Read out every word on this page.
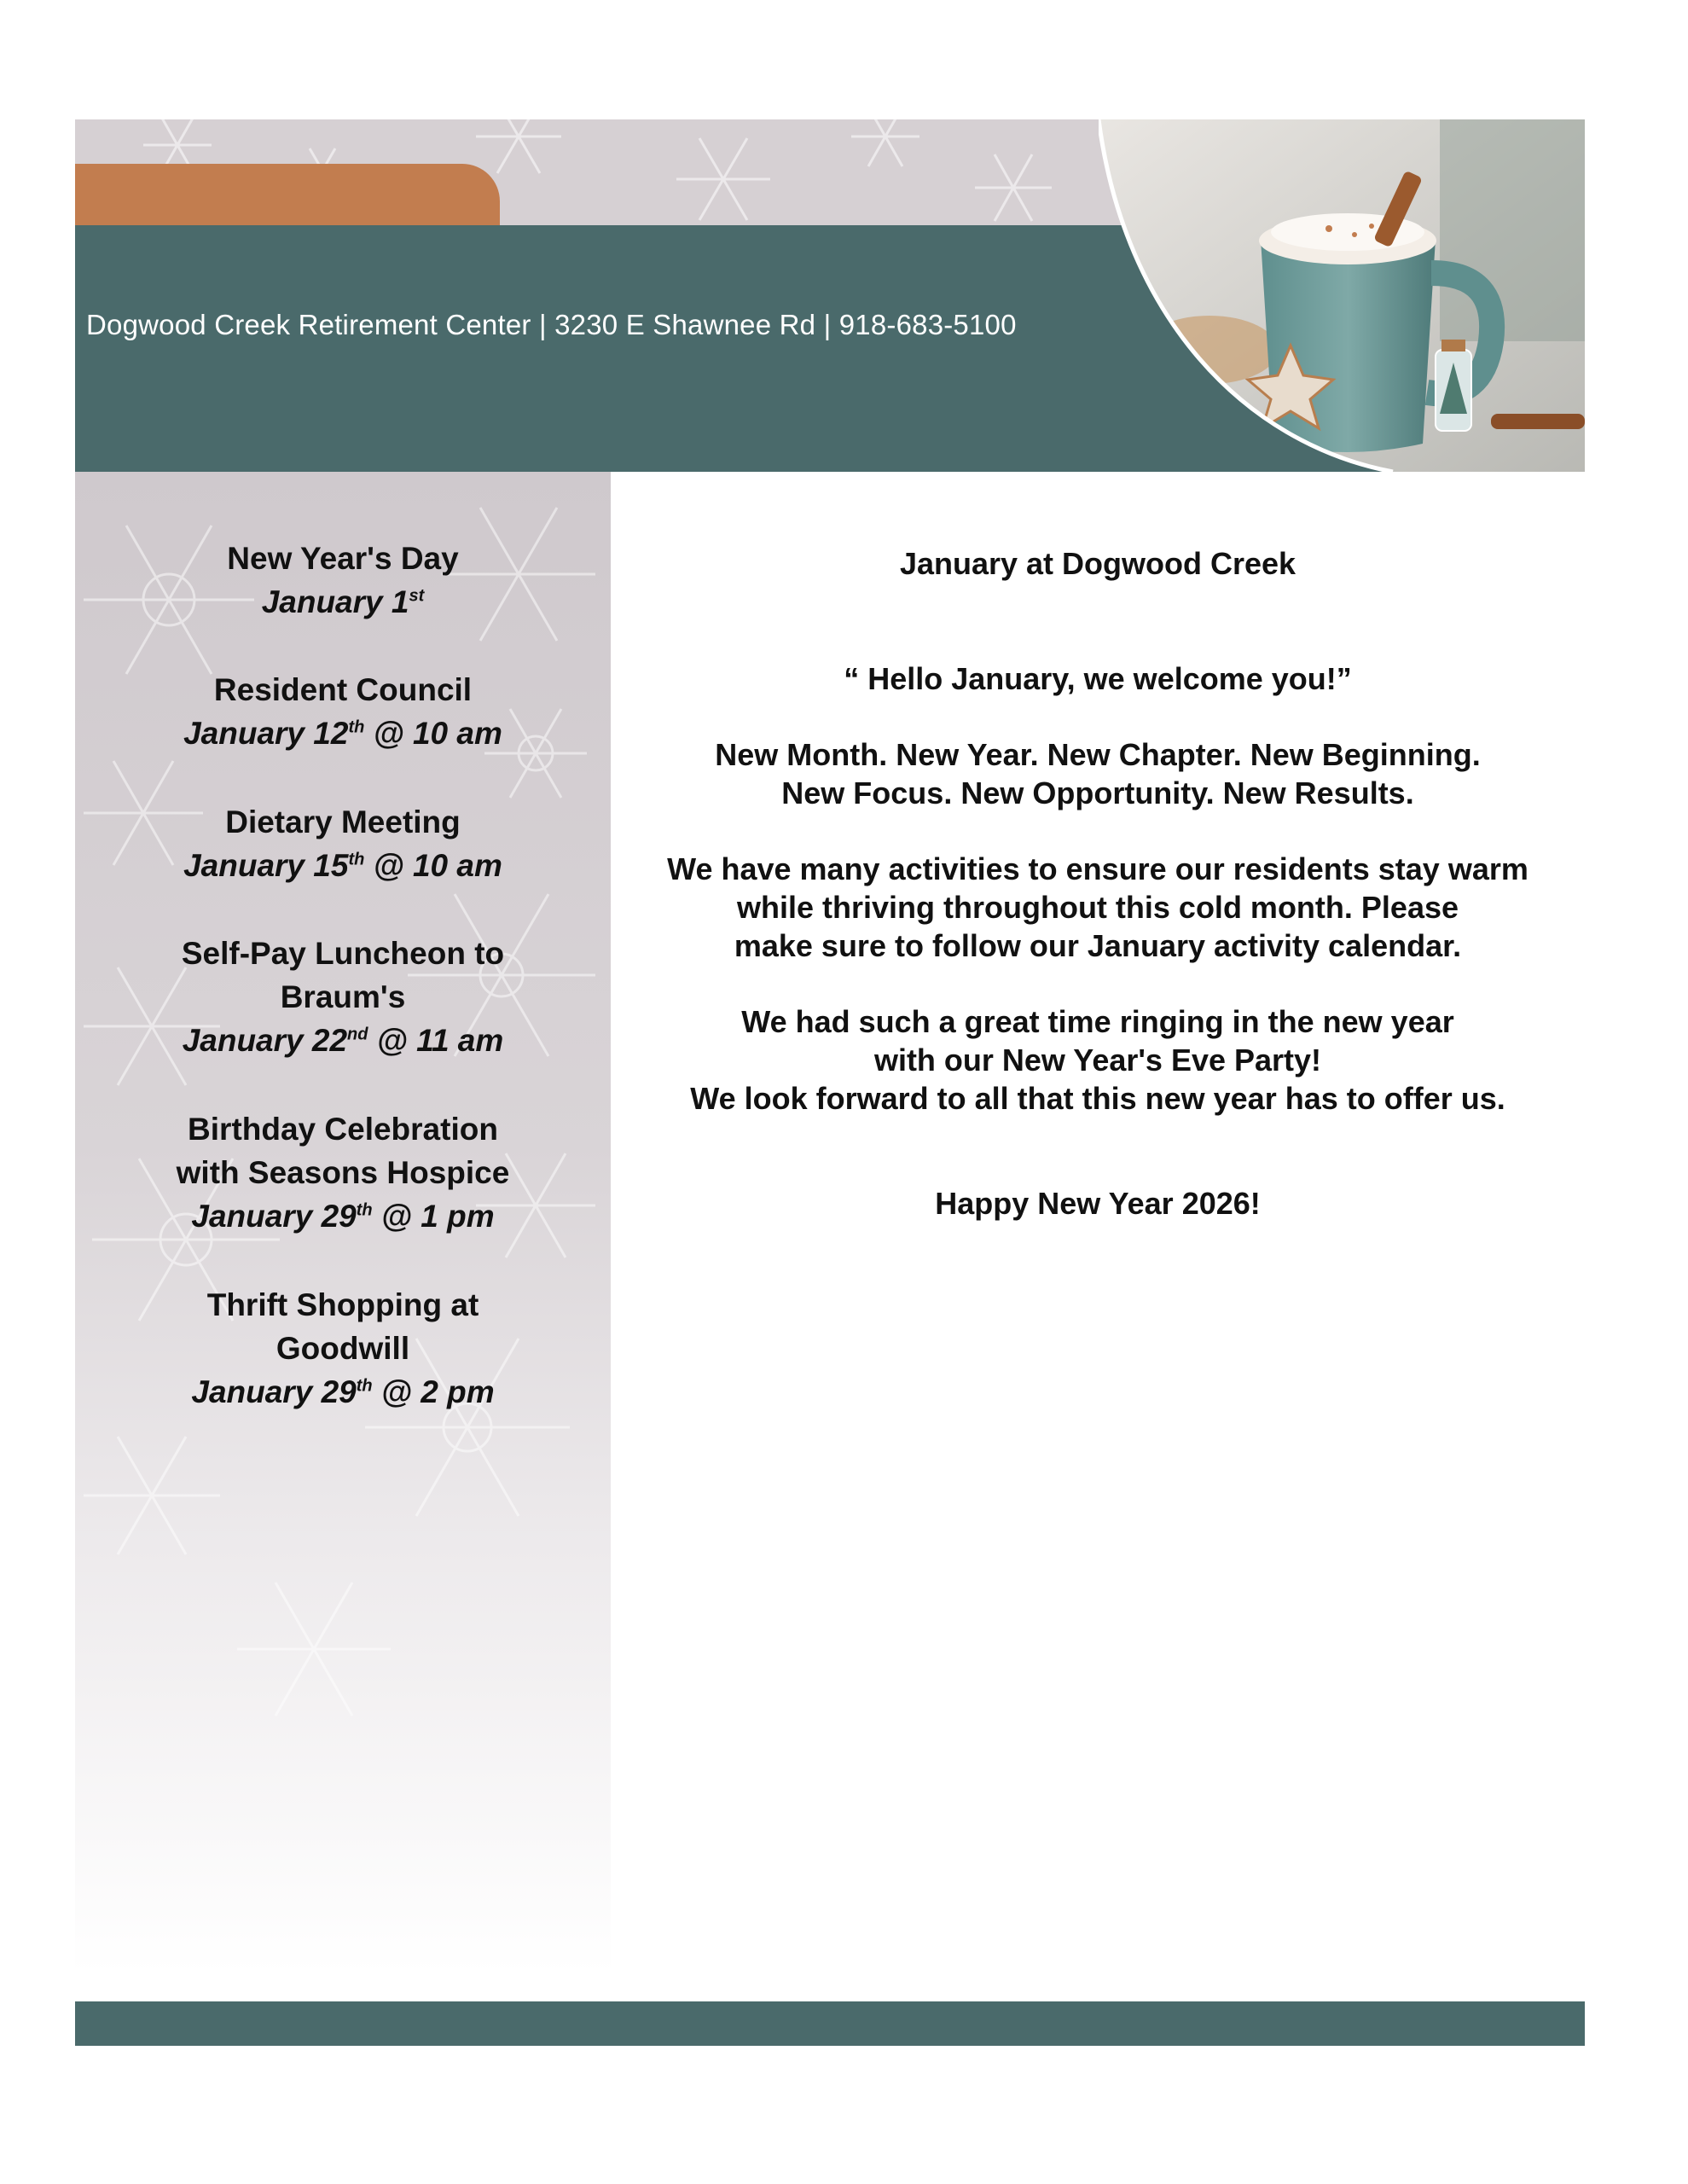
Dogwood Creek Retirement Center | 3230 E Shawnee Rd | 918-683-5100
New Year's Day
January 1st
Resident Council
January 12th @ 10 am
Dietary Meeting
January 15th @ 10 am
Self-Pay Luncheon to
Braum's
January 22nd @ 11 am
Birthday Celebration
with Seasons Hospice
January 29th @ 1 pm
Thrift Shopping at
Goodwill
January 29th @ 2 pm
January at Dogwood Creek
“ Hello January, we welcome you!”
New Month. New Year. New Chapter. New Beginning.
New Focus. New Opportunity. New Results.
We have many activities to ensure our residents stay warm
while thriving throughout this cold month. Please
make sure to follow our January activity calendar.
We had such a great time ringing in the new year
with our New Year's Eve Party!
We look forward to all that this new year has to offer us.
Happy New Year 2026!
